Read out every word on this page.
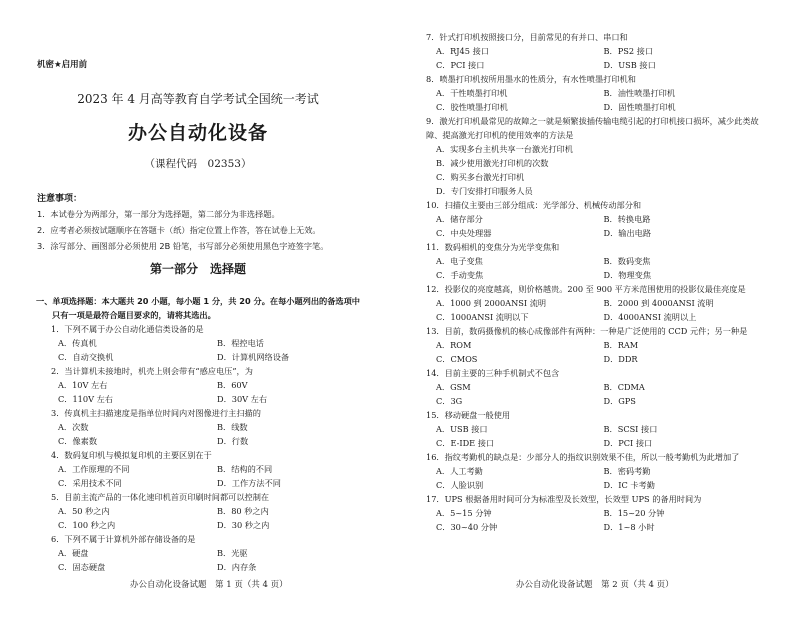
机密★启用前
2023 年 4 月高等教育自学考试全国统一考试
办公自动化设备
（课程代码　02353）
注意事项：
1．本试卷分为两部分，第一部分为选择题，第二部分为非选择题。
2．应考者必须按试题顺序在答题卡（纸）指定位置上作答，答在试卷上无效。
3．涂写部分、画图部分必须使用 2B 铅笔，书写部分必须使用黑色字迹签字笔。
第一部分　选择题
一、单项选择题：本大题共 20 小题，每小题 1 分，共 20 分。在每小题列出的备选项中
只有一项是最符合题目要求的，请将其选出。
1．下列不属于办公自动化通信类设备的是
A．传真机	B．程控电话
C．自动交换机	D．计算机网络设备
2．当计算机未接地时，机壳上则会带有“感应电压”，为
A．10V 左右	B．60V
C．110V 左右	D．30V 左右
3．传真机主扫描速度是指单位时间内对图像进行主扫描的
A．次数	B．线数
C．像素数	D．行数
4．数码复印机与模拟复印机的主要区别在于
A．工作原理的不同	B．结构的不同
C．采用技术不同	D．工作方法不同
5．目前主流产品的一体化速印机首页印刷时间都可以控制在
A．50 秒之内	B．80 秒之内
C．100 秒之内	D．30 秒之内
6．下列不属于计算机外部存储设备的是
A．硬盘	B．光驱
C．固态硬盘	D．内存条
办公自动化设备试题　第 1 页（共 4 页）
7．针式打印机按照接口分，目前常见的有并口、串口和
A．RJ45 接口	B．PS2 接口
C．PCI 接口	D．USB 接口
8．喷墨打印机按所用墨水的性质分，有水性喷墨打印机和
A．干性喷墨打印机	B．油性喷墨打印机
C．胶性喷墨打印机	D．固性喷墨打印机
9．激光打印机最常见的故障之一就是频繁拔插传输电缆引起的打印机接口损坏，减少此类故障、提高激光打印机的使用效率的方法是
A．实现多台主机共享一台激光打印机
B．减少使用激光打印机的次数
C．购买多台激光打印机
D．专门安排打印服务人员
10．扫描仪主要由三部分组成：光学部分、机械传动部分和
A．储存部分	B．转换电路
C．中央处理器	D．输出电路
11．数码相机的变焦分为光学变焦和
A．电子变焦	B．数码变焦
C．手动变焦	D．物理变焦
12．投影仪的亮度越高，则价格越贵。200 至 900 平方米范围使用的投影仪最佳亮度是
A．1000 到 2000ANSI 流明	B．2000 到 4000ANSI 流明
C．1000ANSI 流明以下	D．4000ANSI 流明以上
13．目前，数码摄像机的核心成像部件有两种：一种是广泛使用的 CCD 元件；另一种是
A．ROM	B．RAM
C．CMOS	D．DDR
14．目前主要的三种手机制式不包含
A．GSM	B．CDMA
C．3G	D．GPS
15．移动硬盘一般使用
A．USB 接口	B．SCSI 接口
C．E-IDE 接口	D．PCI 接口
16．指纹考勤机的缺点是：少部分人的指纹识别效果不佳，所以一般考勤机为此增加了
A．人工考勤	B．密码考勤
C．人脸识别	D．IC 卡考勤
17．UPS 根据备用时间可分为标准型及长效型，长效型 UPS 的备用时间为
A．5~15 分钟	B．15~20 分钟
C．30~40 分钟	D．1~8 小时
办公自动化设备试题　第 2 页（共 4 页）
